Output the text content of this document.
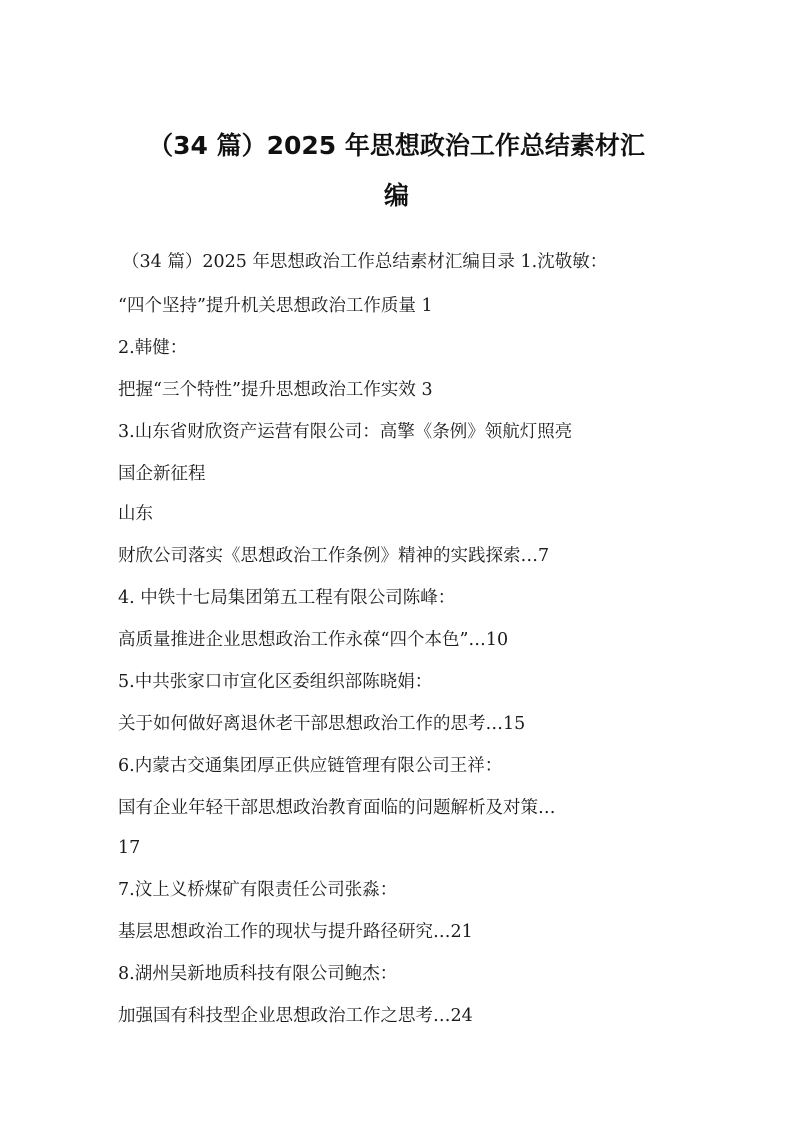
（34 篇）2025 年思想政治工作总结素材汇
编

（34 篇）2025 年思想政治工作总结素材汇编目录 1.沈敬敏：

“四个坚持”提升机关思想政治工作质量 1

2.韩健：

把握“三个特性”提升思想政治工作实效 3

3.山东省财欣资产运营有限公司：高擎《条例》领航灯照亮

国企新征程

山东

财欣公司落实《思想政治工作条例》精神的实践探索…7

4. 中铁十七局集团第五工程有限公司陈峰：

高质量推进企业思想政治工作永葆“四个本色”…10

5.中共张家口市宣化区委组织部陈晓娟：

关于如何做好离退休老干部思想政治工作的思考…15

6.内蒙古交通集团厚正供应链管理有限公司王祥：

国有企业年轻干部思想政治教育面临的问题解析及对策…

17

7.汶上义桥煤矿有限责任公司张淼：

基层思想政治工作的现状与提升路径研究…21

8.湖州吴新地质科技有限公司鲍杰：

加强国有科技型企业思想政治工作之思考…24
